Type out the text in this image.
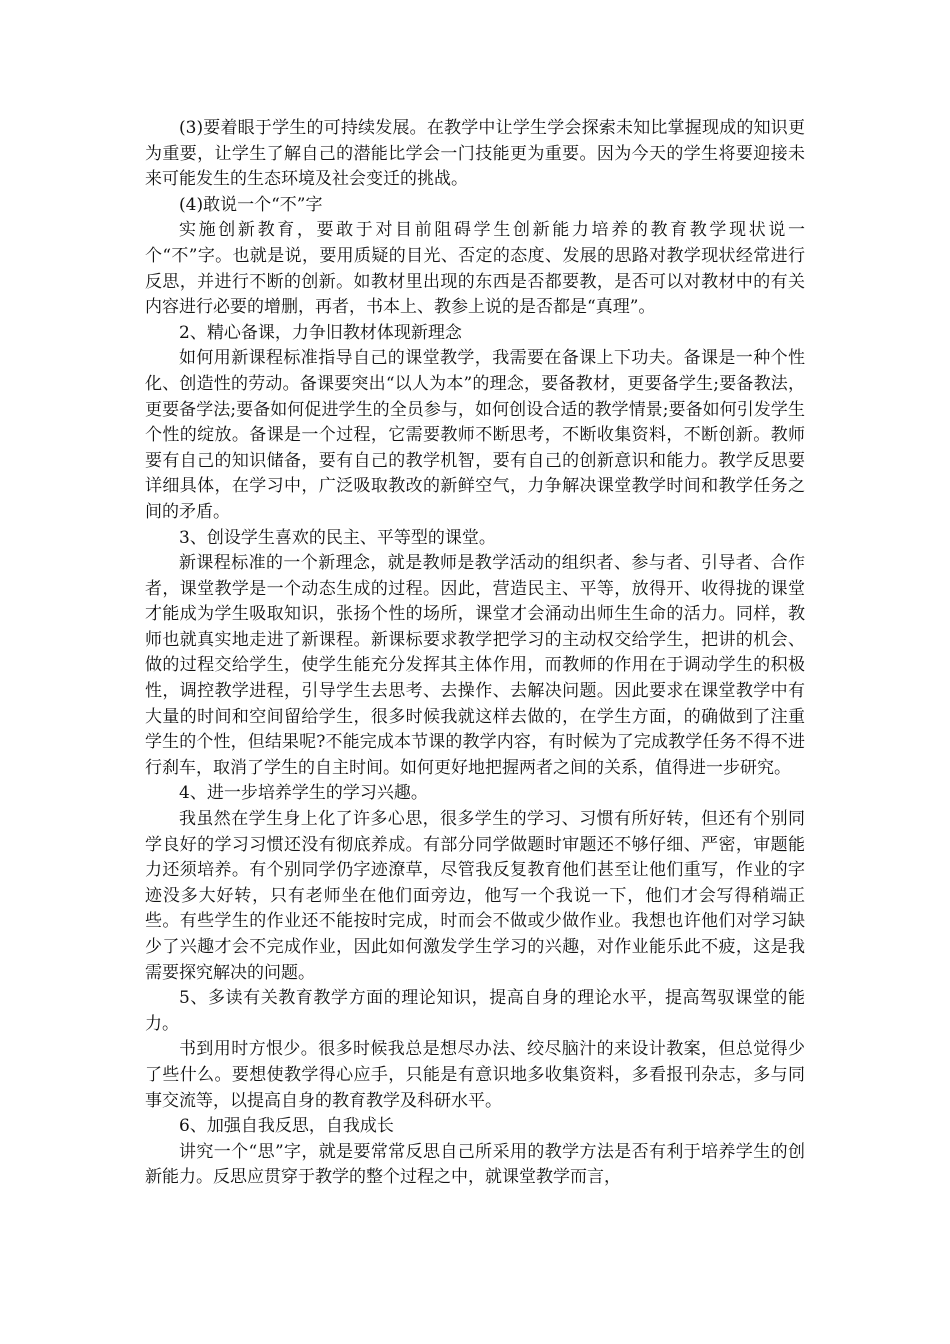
(3)要着眼于学生的可持续发展。在教学中让学生学会探索未知比掌握现成的知识更为重要，让学生了解自己的潜能比学会一门技能更为重要。因为今天的学生将要迎接未来可能发生的生态环境及社会变迁的挑战。

(4)敢说一个“不”字

实施创新教育，要敢于对目前阻碍学生创新能力培养的教育教学现状说一个“不”字。也就是说，要用质疑的目光、否定的态度、发展的思路对教学现状经常进行反思，并进行不断的创新。如教材里出现的东西是否都要教，是否可以对教材中的有关内容进行必要的增删，再者，书本上、教参上说的是否都是“真理”。

2、精心备课，力争旧教材体现新理念

如何用新课程标准指导自己的课堂教学，我需要在备课上下功夫。备课是一种个性化、创造性的劳动。备课要突出“以人为本”的理念，要备教材，更要备学生;要备教法，更要备学法;要备如何促进学生的全员参与，如何创设合适的教学情景;要备如何引发学生个性的绽放。备课是一个过程，它需要教师不断思考，不断收集资料，不断创新。教师要有自己的知识储备，要有自己的教学机智，要有自己的创新意识和能力。教学反思要详细具体，在学习中，广泛吸取教改的新鲜空气，力争解决课堂教学时间和教学任务之间的矛盾。

3、创设学生喜欢的民主、平等型的课堂。

新课程标准的一个新理念，就是教师是教学活动的组织者、参与者、引导者、合作者，课堂教学是一个动态生成的过程。因此，营造民主、平等，放得开、收得拢的课堂才能成为学生吸取知识，张扬个性的场所，课堂才会涌动出师生生命的活力。同样，教师也就真实地走进了新课程。新课标要求教学把学习的主动权交给学生，把讲的机会、做的过程交给学生，使学生能充分发挥其主体作用，而教师的作用在于调动学生的积极性，调控教学进程，引导学生去思考、去操作、去解决问题。因此要求在课堂教学中有大量的时间和空间留给学生，很多时候我就这样去做的，在学生方面，的确做到了注重学生的个性，但结果呢?不能完成本节课的教学内容，有时候为了完成教学任务不得不进行刹车，取消了学生的自主时间。如何更好地把握两者之间的关系，值得进一步研究。

4、进一步培养学生的学习兴趣。

我虽然在学生身上化了许多心思，很多学生的学习、习惯有所好转，但还有个别同学良好的学习习惯还没有彻底养成。有部分同学做题时审题还不够仔细、严密，审题能力还须培养。有个别同学仍字迹潦草，尽管我反复教育他们甚至让他们重写，作业的字迹没多大好转，只有老师坐在他们面旁边，他写一个我说一下，他们才会写得稍端正些。有些学生的作业还不能按时完成，时而会不做或少做作业。我想也许他们对学习缺少了兴趣才会不完成作业，因此如何激发学生学习的兴趣，对作业能乐此不疲，这是我需要探究解决的问题。

5、多读有关教育教学方面的理论知识，提高自身的理论水平，提高驾驭课堂的能力。

书到用时方恨少。很多时候我总是想尽办法、绞尽脑汁的来设计教案，但总觉得少了些什么。要想使教学得心应手，只能是有意识地多收集资料，多看报刊杂志，多与同事交流等，以提高自身的教育教学及科研水平。

6、加强自我反思，自我成长

讲究一个“思”字，就是要常常反思自己所采用的教学方法是否有利于培养学生的创新能力。反思应贯穿于教学的整个过程之中，就课堂教学而言，
